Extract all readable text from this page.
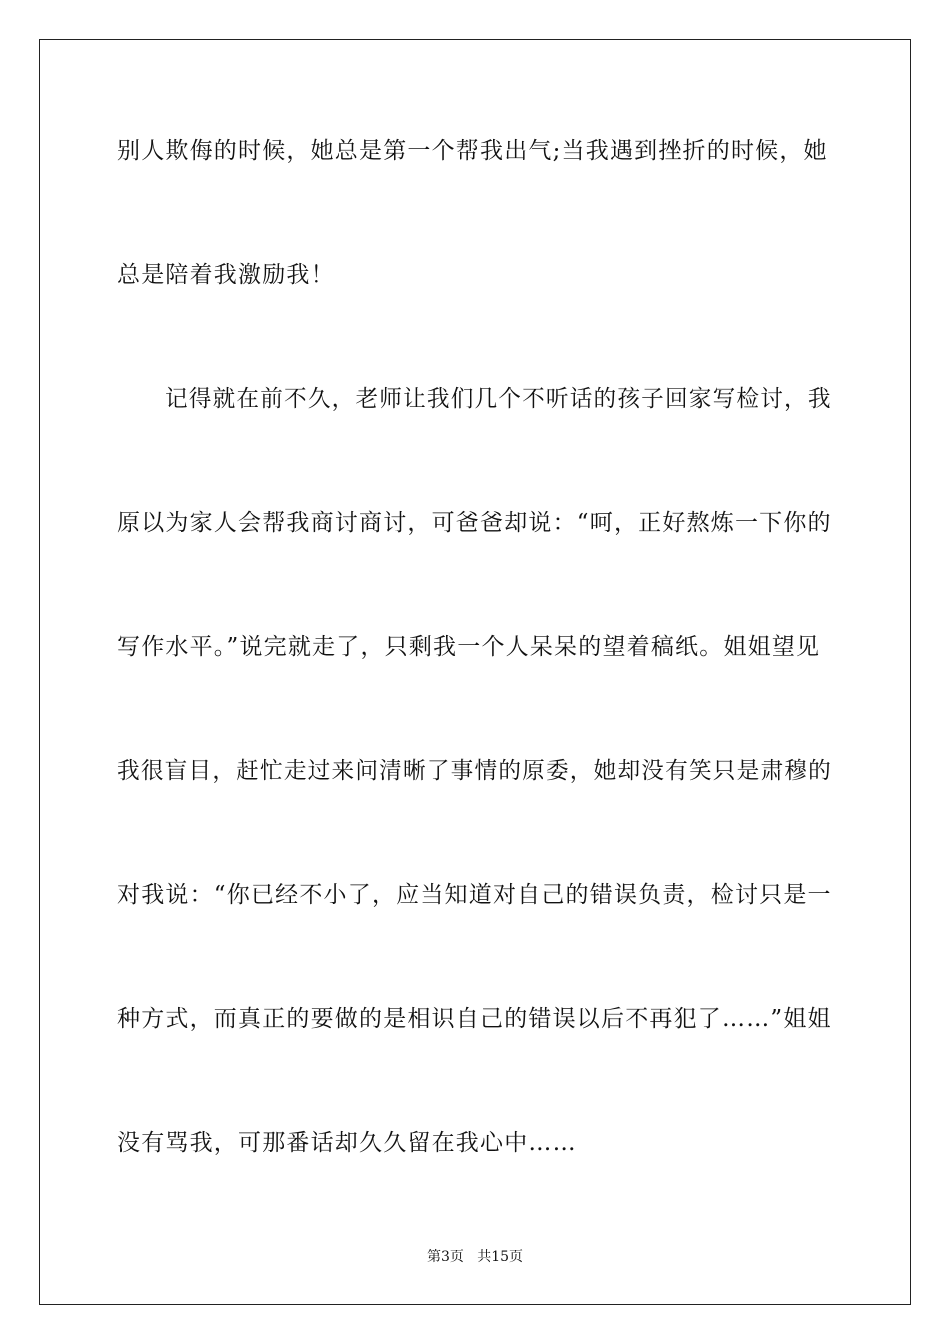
别人欺侮的时候，她总是第一个帮我出气;当我遇到挫折的时候，她

总是陪着我激励我！

记得就在前不久，老师让我们几个不听话的孩子回家写检讨，我

原以为家人会帮我商讨商讨，可爸爸却说：“呵，正好熬炼一下你的

写作水平。”说完就走了，只剩我一个人呆呆的望着稿纸。姐姐望见

我很盲目，赶忙走过来问清晰了事情的原委，她却没有笑只是肃穆的

对我说：“你已经不小了，应当知道对自己的错误负责，检讨只是一

种方式，而真正的要做的是相识自己的错误以后不再犯了……”姐姐

没有骂我，可那番话却久久留在我心中……

第3页   共15页
